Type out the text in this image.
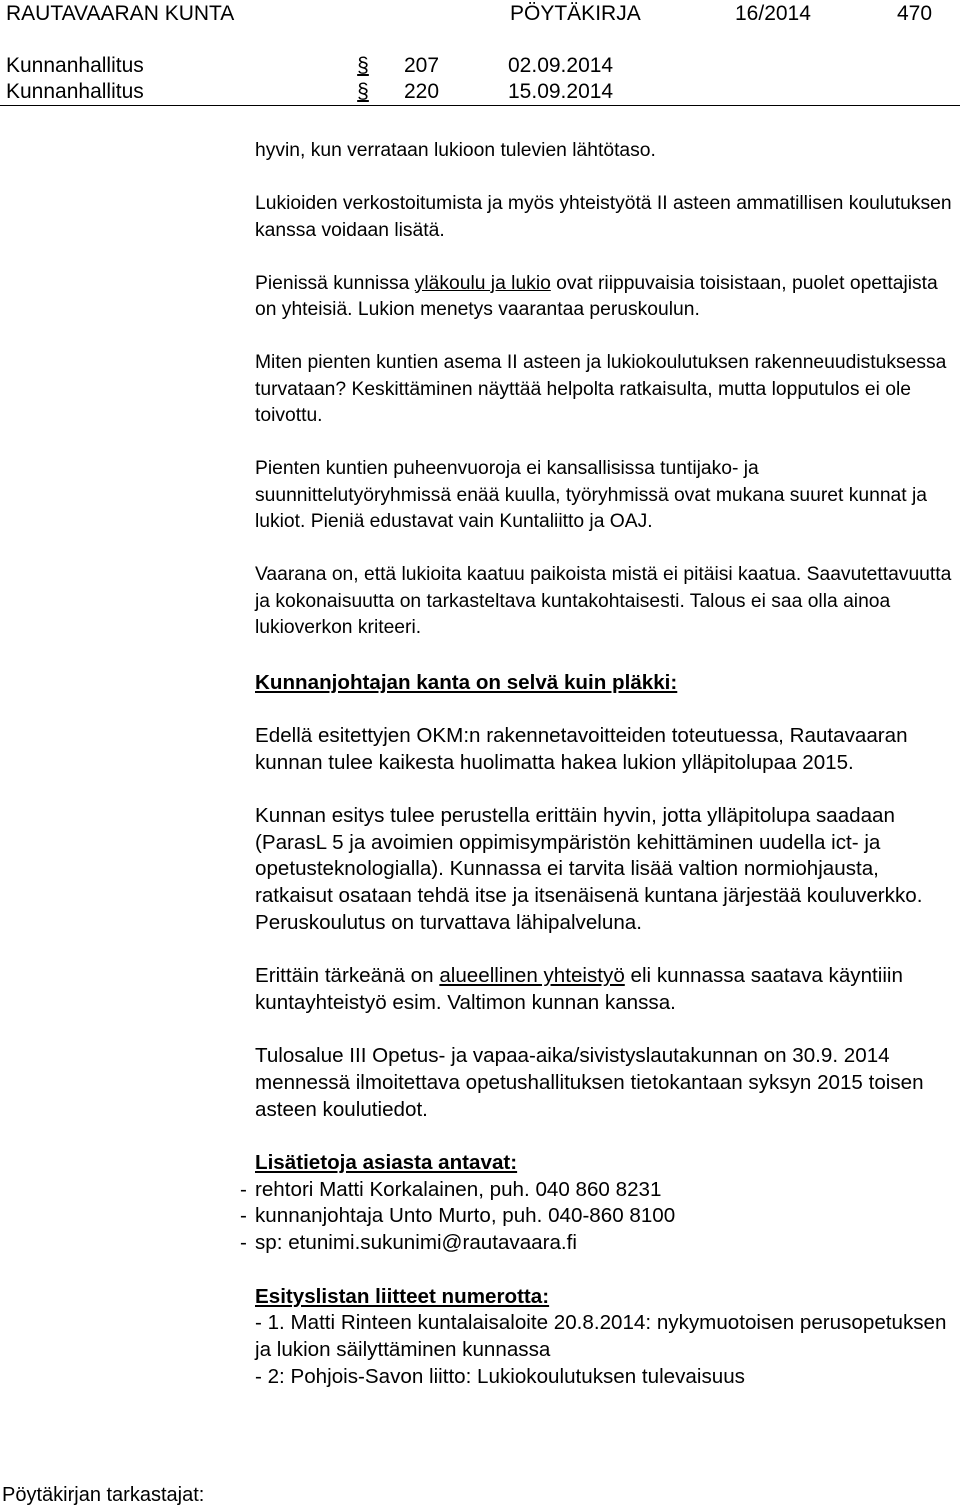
RAUTAVAARAN KUNTA	PÖYTÄKIRJA	16/2014	470
Kunnanhallitus	§ 207	02.09.2014
Kunnanhallitus	§ 220	15.09.2014

hyvin, kun verrataan lukioon tulevien lähtötaso.

Lukioiden verkostoitumista ja myös yhteistyötä II asteen ammatillisen koulutuksen kanssa voidaan lisätä.

Pienissä kunnissa yläkoulu ja lukio ovat riippuvaisia toisistaan, puolet opettajista on yhteisiä. Lukion menetys vaarantaa peruskoulun.

Miten pienten kuntien asema II asteen ja lukiokoulutuksen rakenneuudistuksessa turvataan? Keskittäminen näyttää helpolta ratkaisulta, mutta lopputulos ei ole toivottu.

Pienten kuntien puheenvuoroja ei kansallisissa tuntijako- ja suunnittelutyöryhmissä enää kuulla, työryhmissä ovat mukana suuret kunnat ja lukiot. Pieniä edustavat vain Kuntaliitto ja OAJ.

Vaarana on, että lukioita kaatuu paikoista mistä ei pitäisi kaatua. Saavutettavuutta ja kokonaisuutta on tarkasteltava kuntakohtaisesti. Talous ei saa olla ainoa lukioverkon kriteeri.

Kunnanjohtajan kanta on selvä kuin pläkki:

Edellä esitettyjen OKM:n rakennetavoitteiden toteutuessa, Rautavaaran kunnan tulee kaikesta huolimatta hakea lukion ylläpitolupaa 2015.

Kunnan esitys tulee perustella erittäin hyvin, jotta ylläpitolupa saadaan (ParasL 5 ja avoimien oppimisympäristön kehittäminen uudella ict- ja opetusteknologialla). Kunnassa ei tarvita lisää valtion normiohjausta, ratkaisut osataan tehdä itse ja itsenäisenä kuntana järjestää kouluverkko. Peruskoulutus on turvattava lähipalveluna.

Erittäin tärkeänä on alueellinen yhteistyö eli kunnassa saatava käyntiiin kuntayhteistyö esim. Valtimon kunnan kanssa.

Tulosalue III Opetus- ja vapaa-aika/sivistyslautakunnan on 30.9. 2014 mennessä ilmoitettava opetushallituksen tietokantaan syksyn 2015 toisen asteen koulutiedot.

Lisätietoja asiasta antavat:

- rehtori Matti Korkalainen, puh. 040 860 8231
- kunnanjohtaja Unto Murto, puh. 040-860 8100
- sp: etunimi.sukunimi@rautavaara.fi

Esityslistan liitteet numerotta:

- 1. Matti Rinteen kuntalaisaloite 20.8.2014: nykymuotoisen perusopetuksen ja lukion säilyttäminen kunnassa

- 2: Pohjois-Savon liitto: Lukiokoulutuksen tulevaisuus

Pöytäkirjan tarkastajat:
